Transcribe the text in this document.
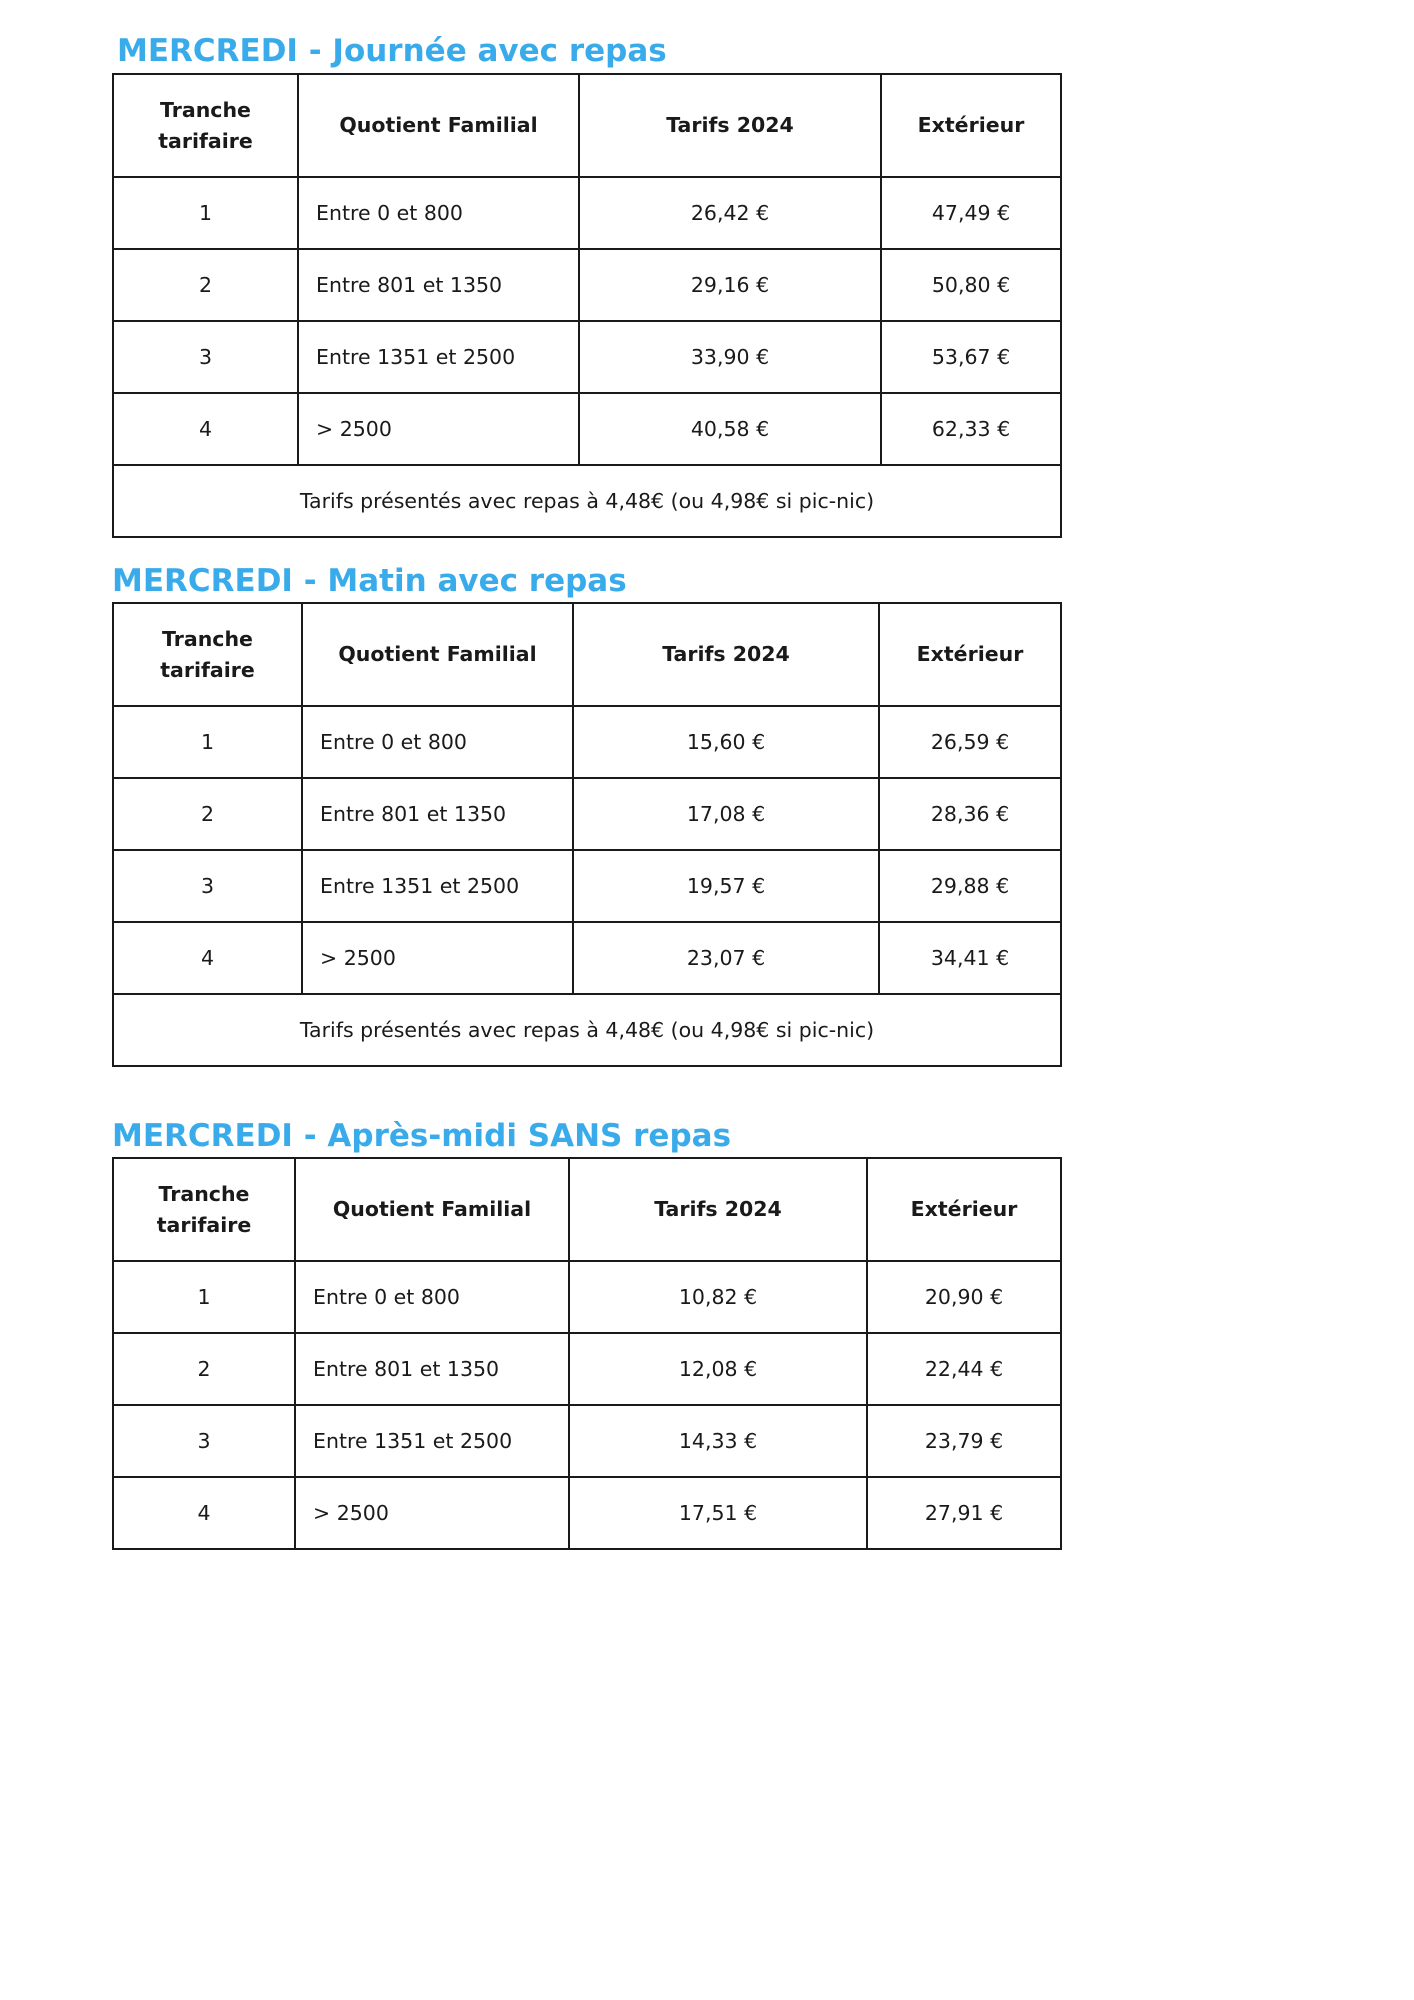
MERCREDI - Journée avec repas
Tranche
tarifaire	Quotient Familial	Tarifs 2024	Extérieur
1	Entre 0 et 800	26,42 €	47,49 €
2	Entre 801 et 1350	29,16 €	50,80 €
3	Entre 1351 et 2500	33,90 €	53,67 €
4	> 2500	40,58 €	62,33 €
Tarifs présentés avec repas à 4,48€ (ou 4,98€ si pic-nic)			
MERCREDI - Matin avec repas
Tranche
tarifaire	Quotient Familial	Tarifs 2024	Extérieur
1	Entre 0 et 800	15,60 €	26,59 €
2	Entre 801 et 1350	17,08 €	28,36 €
3	Entre 1351 et 2500	19,57 €	29,88 €
4	> 2500	23,07 €	34,41 €
Tarifs présentés avec repas à 4,48€ (ou 4,98€ si pic-nic)			
MERCREDI - Après-midi SANS repas
Tranche
tarifaire	Quotient Familial	Tarifs 2024	Extérieur
1	Entre 0 et 800	10,82 €	20,90 €
2	Entre 801 et 1350	12,08 €	22,44 €
3	Entre 1351 et 2500	14,33 €	23,79 €
4	> 2500	17,51 €	27,91 €
